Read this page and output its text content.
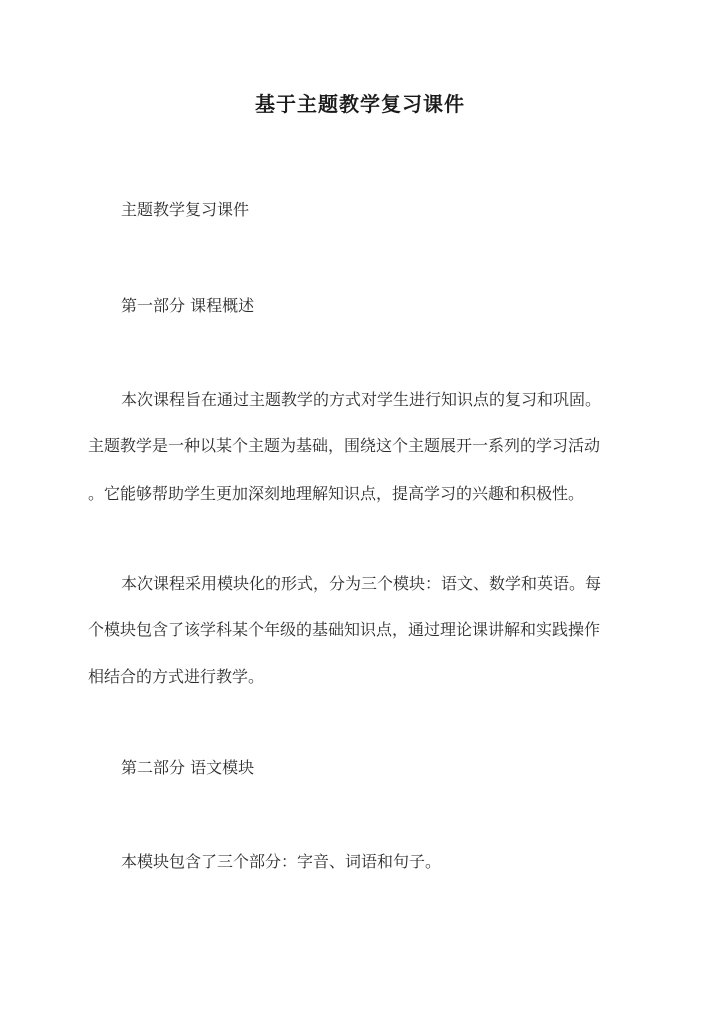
基于主题教学复习课件
主题教学复习课件
第一部分 课程概述
本次课程旨在通过主题教学的方式对学生进行知识点的复习和巩固。
主题教学是一种以某个主题为基础，围绕这个主题展开一系列的学习活动
。它能够帮助学生更加深刻地理解知识点，提高学习的兴趣和积极性。
本次课程采用模块化的形式，分为三个模块：语文、数学和英语。每
个模块包含了该学科某个年级的基础知识点，通过理论课讲解和实践操作
相结合的方式进行教学。
第二部分 语文模块
本模块包含了三个部分：字音、词语和句子。
